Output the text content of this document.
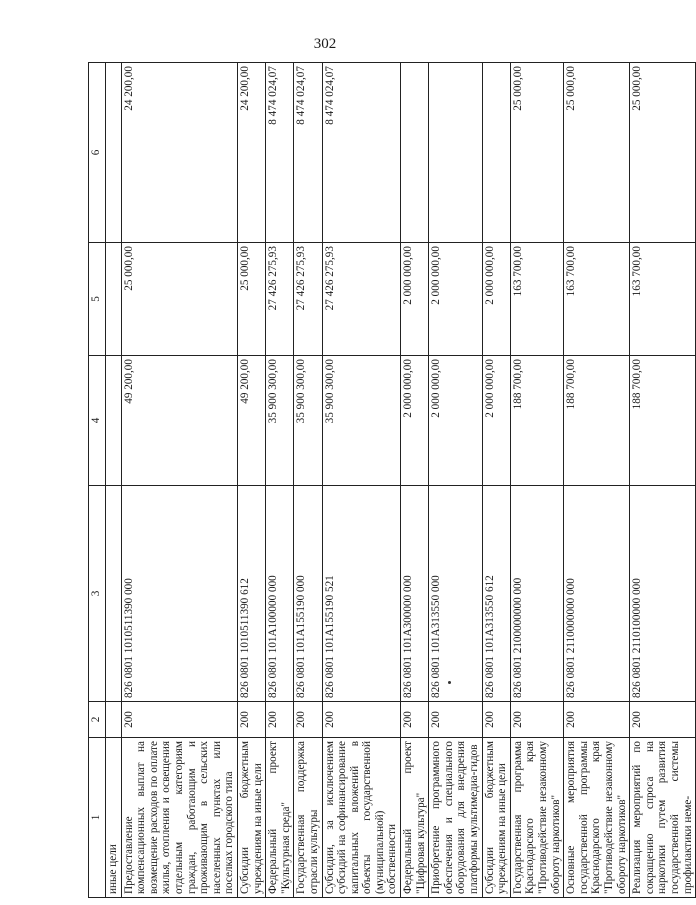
302
1	2	3	4	5	6
иные цели					
Предоставление компенсационных выплат на возмещение расходов по оплате жилья, отопления и освещения отдельным категориям граждан, работающим и проживающим в сельских населенных пунктах или поселках городского типа	200	826 0801 1010511390 000	49 200,00	25 000,00	24 200,00
Субсидии бюджетным учреждениям на иные цели	200	826 0801 1010511390 612	49 200,00	25 000,00	24 200,00
Федеральный проект "Культурная среда"	200	826 0801 101A100000 000	35 900 300,00	27 426 275,93	8 474 024,07
Государственная поддержка отрасли культуры	200	826 0801 101A155190 000	35 900 300,00	27 426 275,93	8 474 024,07
Субсидии, за исключением субсидий на софинансирование капитальных вложений в объекты государственной (муниципальной) собственности	200	826 0801 101A155190 521	35 900 300,00	27 426 275,93	8 474 024,07
Федеральный проект "Цифровая культура"	200	826 0801 101A300000 000	2 000 000,00	2 000 000,00	
Приобретение программного обеспечения и специального оборудования для внедрения платформы мультимедиа-гидов	200	826 0801 101A313550 000	2 000 000,00	2 000 000,00	
Субсидии бюджетным учреждениям на иные цели	200	826 0801 101A313550 612	2 000 000,00	2 000 000,00	
Государственная программа Краснодарского края "Противодействие незаконному обороту наркотиков"	200	826 0801 2100000000 000	188 700,00	163 700,00	25 000,00
Основные мероприятия государственной программы Краснодарского края "Противодействие незаконному обороту наркотиков"	200	826 0801 2110000000 000	188 700,00	163 700,00	25 000,00
Реализация мероприятий по сокращению спроса на наркотики путем развития государственной системы профилактики неме-	200	826 0801 2110100000 000	188 700,00	163 700,00	25 000,00
